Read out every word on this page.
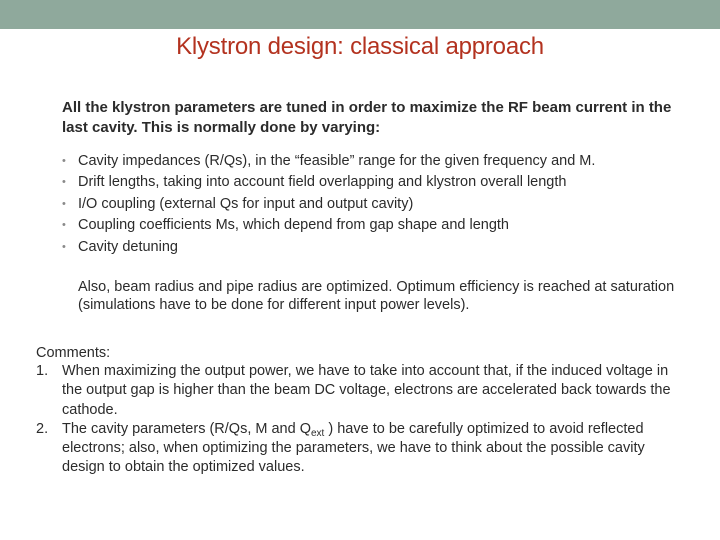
Klystron design: classical approach

All the klystron parameters are tuned in order to maximize the RF beam current in the last cavity. This is normally done by varying:

• Cavity impedances (R/Qs), in the “feasible” range for the given frequency and M.
• Drift lengths, taking into account field overlapping and klystron overall length
• I/O coupling (external Qs for input and output cavity)
• Coupling coefficients Ms, which depend from gap shape and length
• Cavity detuning

Also, beam radius and pipe radius are optimized. Optimum efficiency is reached at saturation (simulations have to be done for different input power levels).

Comments:
1. When maximizing the output power, we have to take into account that, if the induced voltage in the output gap is higher than the beam DC voltage, electrons are accelerated back towards the cathode.
2. The cavity parameters (R/Qs, M and $Q_{ext}$ ) have to be carefully optimized to avoid reflected electrons; also, when optimizing the parameters, we have to think about the possible cavity design to obtain the optimized values.
